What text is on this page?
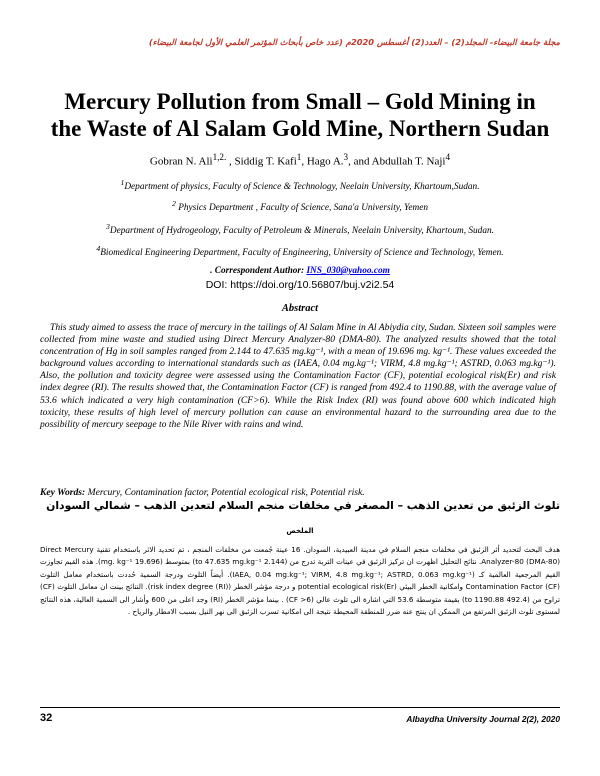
مجلة جامعة البيضاء- المجلد(2) – العدد(2) أغسطس 2020م (عدد خاص بأبحاث المؤتمر العلمي الأول لجامعة البيضاء)
Mercury Pollution from Small – Gold Mining in
the Waste of Al Salam Gold Mine, Northern Sudan
Gobran N. Ali$^{1,2.}$ , Siddig T. Kafi$^1$, Hago A.$^3$, and Abdullah T. Naji$^4$
$^1$Department of physics, Faculty of Science & Technology, Neelain University, Khartoum,Sudan.
$^2$ Physics Department , Faculty of Science, Sana'a University, Yemen
$^3$Department of Hydrogeology, Faculty of Petroleum & Minerals, Neelain University, Khartoum, Sudan.
$^4$Biomedical Engineering Department, Faculty of Engineering, University of Science and Technology, Yemen.
. Correspondent Author: INS_030@yahoo.com
DOI: https://doi.org/10.56807/buj.v2i2.54
Abstract
This study aimed to assess the trace of mercury in the tailings of Al Salam Mine in Al Abiydia city, Sudan. Sixteen soil samples were collected from mine waste and studied using Direct Mercury Analyzer-80 (DMA-80). The analyzed results showed that the total concentration of Hg in soil samples ranged from 2.144 to 47.635 mg.kg⁻¹, with a mean of 19.696 mg. kg⁻¹. These values exceeded the background values according to international standards such as (IAEA, 0.04 mg.kg⁻¹; VIRM, 4.8 mg.kg⁻¹; ASTRD, 0.063 mg.kg⁻¹). Also, the pollution and toxicity degree were assessed using the Contamination Factor (CF), potential ecological risk(Er) and risk index degree (RI). The results showed that, the Contamination Factor (CF) is ranged from 492.4 to 1190.88, with the average value of 53.6 which indicated a very high contamination (CF>6). While the Risk Index (RI) was found above 600 which indicated high toxicity, these results of high level of mercury pollution can cause an environmental hazard to the surrounding area due to the possibility of mercury seepage to the Nile River with rains and wind.
Key Words: Mercury, Contamination factor, Potential ecological risk, Potential risk.
تلوث الزئبق من تعدين الذهب – المصغر في مخلفات منجم السلام لتعدين الذهب – شمالي السودان
الملخص
هدف البحث لتحديد أثر الزئبق في مخلفات منجم السلام في مدينة العبيدية، السودان. 16 عينة جُمعت من مخلفات المنجم ، تم تحديد الاثر باستخدام تقنية Direct Mercury Analyzer-80 (DMA-80). نتائج التحليل اظهرت ان تركيز الزئبق في عينات التربة تدرج من (2.144 to 47.635 mg.kg⁻¹) بمتوسط (19.696 mg. kg⁻¹). هذه القيم تجاوزت القيم المرجعية العالمية كـ (IAEA, 0.04 mg.kg⁻¹; VIRM, 4.8 mg.kg⁻¹; ASTRD, 0.063 mg.kg⁻¹). أيضاً التلوث ودرجة السمية حُددت باستخدام معامل التلوث Contamination Factor (CF) وامكانية الخطر البيئي potential ecological risk(Er) و درجة مؤشر الخطر (risk index degree (RI)). النتائج بينت ان معامل التلوث (CF) تراوح من (492.4 to 1190.88) بقيمة متوسطة 53.6 التي اشارة الى تلوث عالي (CF >6) . بينما مؤشر الخطر (RI) وجد اعلى من 600 وأشار الى السمية العالية، هذه النتائج لمستوى تلوث الزئبق المرتفع من الممكن ان ينتج عنه ضرر للمنطقة المحيطة نتيجة الى امكانية تسرب الزئبق الى نهر النيل بسبب الامطار والرياح .
32	Albaydha University Journal 2(2), 2020
